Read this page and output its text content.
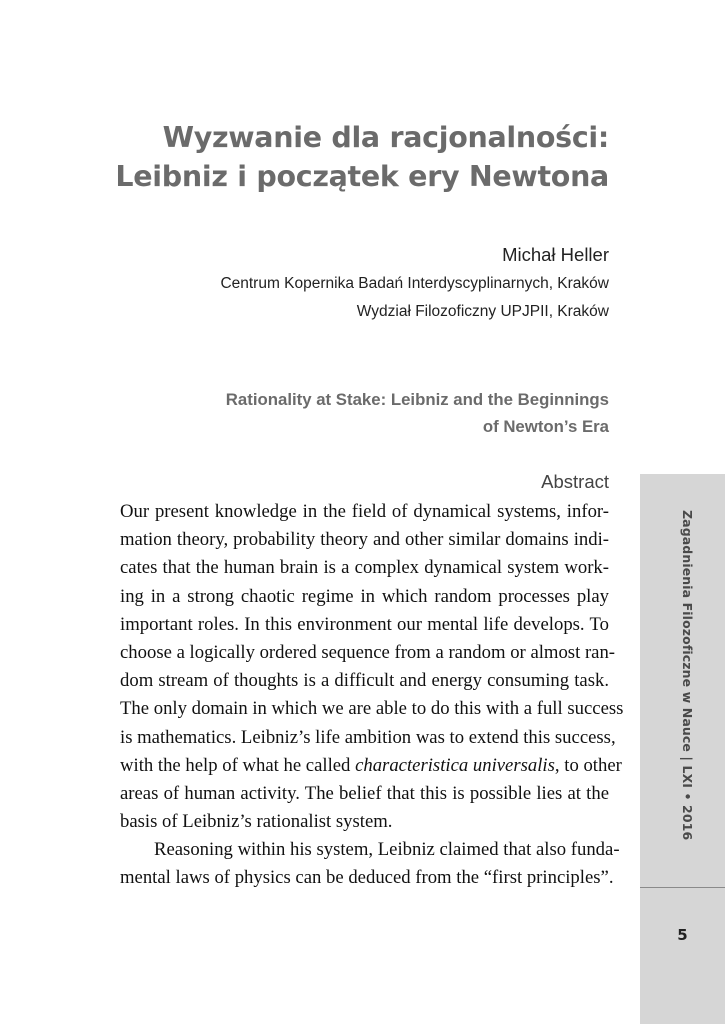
Wyzwanie dla racjonalności:
Leibniz i początek ery Newtona
Michał Heller
Centrum Kopernika Badań Interdyscyplinarnych, Kraków
Wydział Filozoficzny UPJPII, Kraków
Rationality at Stake: Leibniz and the Beginnings
of Newton’s Era
Abstract
Our present knowledge in the field of dynamical systems, infor-
mation theory, probability theory and other similar domains indi-
cates that the human brain is a complex dynamical system work-
ing in a strong chaotic regime in which random processes play
important roles. In this environment our mental life develops. To
choose a logically ordered sequence from a random or almost ran-
dom stream of thoughts is a difficult and energy consuming task.
The only domain in which we are able to do this with a full success
is mathematics. Leibniz’s life ambition was to extend this success,
with the help of what he called characteristica universalis, to other
areas of human activity. The belief that this is possible lies at the
basis of Leibniz’s rationalist system.
Reasoning within his system, Leibniz claimed that also funda-
mental laws of physics can be deduced from the “first principles”.
Zagadnienia Filozoficzne w Nauce | LXI • 2016
5
